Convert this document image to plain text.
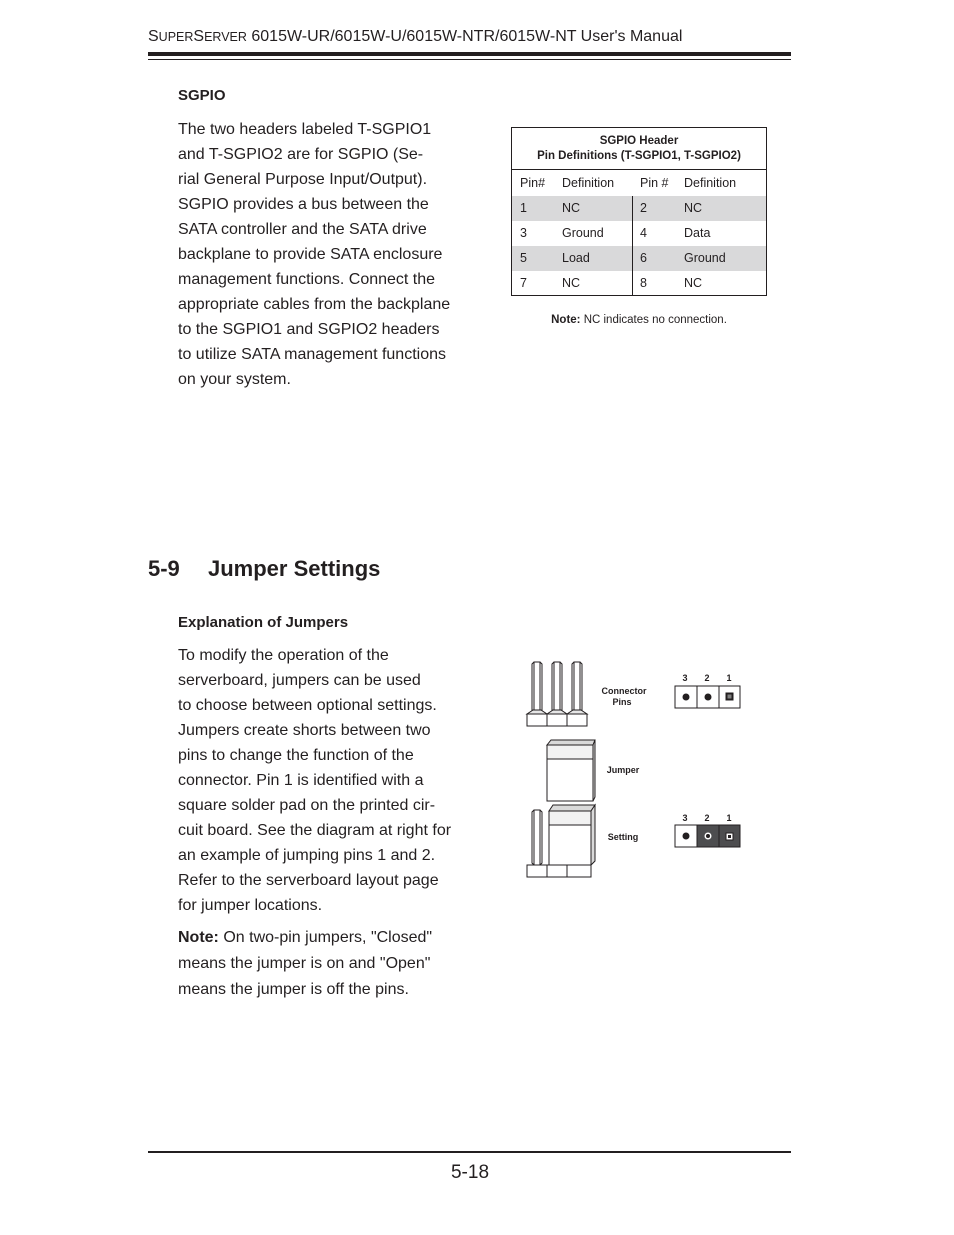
SUPERSERVER 6015W-UR/6015W-U/6015W-NTR/6015W-NT User's Manual
SGPIO
The two headers labeled T-SGPIO1
and T-SGPIO2 are for SGPIO (Se-
rial General Purpose Input/Output).
SGPIO provides a bus between the
SATA controller and the SATA drive
backplane to provide SATA enclosure
management functions. Connect the
appropriate cables from the backplane
to the SGPIO1 and SGPIO2 headers
to utilize SATA management functions
on your system.
SGPIO Header
Pin Definitions (T-SGPIO1, T-SGPIO2)
Pin# Definition Pin # Definition
1	NC	2	NC
3	Ground	4	Data
5	Load	6	Ground
7	NC	8	NC
Note: NC indicates no connection.
5-9 Jumper Settings
Explanation of Jumpers
To modify the operation of the
serverboard, jumpers can be used
to choose between optional settings.
Jumpers create shorts between two
pins to change the function of the
connector. Pin 1 is identified with a
square solder pad on the printed cir-
cuit board. See the diagram at right for
an example of jumping pins 1 and 2.
Refer to the serverboard layout page
for jumper locations.
Note: On two-pin jumpers, "Closed"
means the jumper is on and "Open"
means the jumper is off the pins.
Connector
Pins
Jumper
Setting
3 2 1
3 2 1
5-18
